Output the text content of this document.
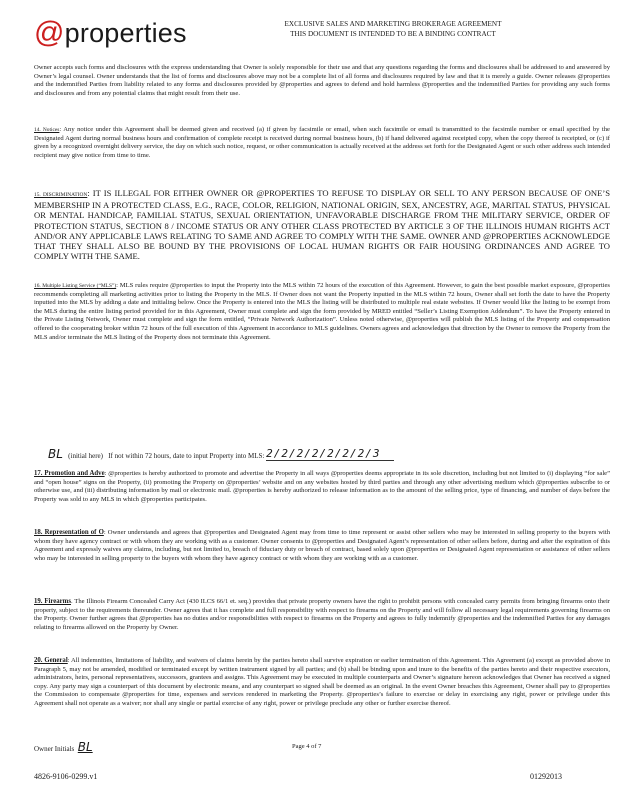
@properties	EXCLUSIVE SALES AND MARKETING BROKERAGE AGREEMENT
THIS DOCUMENT IS INTENDED TO BE A BINDING CONTRACT
Owner accepts such forms and disclosures with the express understanding that Owner is solely responsible for their use and that any questions regarding the forms and disclosures shall be addressed to and answered by Owner’s legal counsel. Owner understands that the list of forms and disclosures above may not be a complete list of all forms and disclosures required by law and that it is merely a guide. Owner releases @properties and the indemnified Parties from liability related to any forms and disclosures provided by @properties and agrees to defend and hold harmless @properties and the indemnified Parties for providing any such forms and disclosures and from any potential claims that might result from their use.
14. Notices: Any notice under this Agreement shall be deemed given and received (a) if given by facsimile or email, when such facsimile or email is transmitted to the facsimile number or email specified by the Designated Agent during normal business hours and confirmation of complete receipt is received during normal business hours, (b) if hand delivered against receipted copy, when the copy thereof is receipted, or (c) if given by a recognized overnight delivery service, the day on which such notice, request, or other communication is actually received at the address set forth for the Designated Agent or such other address such intended recipient may give notice from time to time.
15. DISCRIMINATION: IT IS ILLEGAL FOR EITHER OWNER OR @PROPERTIES TO REFUSE TO DISPLAY OR SELL TO ANY PERSON BECAUSE OF ONE’S MEMBERSHIP IN A PROTECTED CLASS, E.G., RACE, COLOR, RELIGION, NATIONAL ORIGIN, SEX, ANCESTRY, AGE, MARITAL STATUS, PHYSICAL OR MENTAL HANDICAP, FAMILIAL STATUS, SEXUAL ORIENTATION, UNFAVORABLE DISCHARGE FROM THE MILITARY SERVICE, ORDER OF PROTECTION STATUS, SECTION 8 / INCOME STATUS OR ANY OTHER CLASS PROTECTED BY ARTICLE 3 OF THE ILLINOIS HUMAN RIGHTS ACT AND/OR ANY APPLICABLE LAWS RELATING TO SAME AND AGREE TO COMPLY WITH THE SAME. OWNER AND @PROPERTIES ACKNOWLEDGE THAT THEY SHALL ALSO BE BOUND BY THE PROVISIONS OF LOCAL HUMAN RIGHTS OR FAIR HOUSING ORDINANCES AND AGREE TO COMPLY WITH THE SAME.
16. Multiple Listing Service (“MLS”): MLS rules require @properties to input the Property into the MLS within 72 hours of the execution of this Agreement. However, to gain the best possible market exposure, @properties recommends completing all marketing activities prior to listing the Property in the MLS. If Owner does not want the Property inputted in the MLS within 72 hours, Owner shall set forth the date to have the Property inputted into the MLS by adding a date and initialing below. Once the Property is entered into the MLS the listing will be distributed to multiple real estate websites. If Owner would like the listing to be exempt from the MLS during the entire listing period provided for in this Agreement, Owner must complete and sign the form provided by MRED entitled “Seller’s Listing Exemption Addendum”. To have the Property entered in the Private Listing Network, Owner must complete and sign the form entitled, “Private Network Authorization”. Unless noted otherwise, @properties will publish the MLS listing of the Property and compensation offered to the cooperating broker within 72 hours of the full execution of this Agreement in accordance to MLS guidelines. Owners agrees and acknowledges that direction by the Owner to remove the Property from the MLS and/or terminate the MLS listing of the Property does not terminate this Agreement.
BL (initial here) If not within 72 hours, date to input Property into MLS: 2/2/2/2/2/2/2/3
17. Promotion and Adve: @properties is hereby authorized to promote and advertise the Property in all ways @properties deems appropriate in its sole discretion, including but not limited to (i) displaying “for sale” and “open house” signs on the Property, (ii) promoting the Property on @properties’ website and on any websites hosted by third parties and through any other advertising medium which @properties subscribe to or otherwise use, and (iii) distributing information by mail or electronic mail. @properties is hereby authorized to release information as to the amount of the selling price, type of financing, and number of days before the Property was sold to any MLS in which @properties participates.
18. Representation of O: Owner understands and agrees that @properties and Designated Agent may from time to time represent or assist other sellers who may be interested in selling property to the buyers with whom they have agency contract or with whom they are working with as a customer. Owner consents to @properties and Designated Agent’s representation of other sellers before, during and after the expiration of this Agreement and expressly waives any claims, including, but not limited to, breach of fiduciary duty or breach of contract, based solely upon @properties or Designated Agent representation or assistance of other sellers who may be interested in selling property to the buyers with whom they have agency contract or with whom they are working with as a customer.
19. Firearms. The Illinois Firearm Concealed Carry Act (430 ILCS 66/1 et. seq.) provides that private property owners have the right to prohibit persons with concealed carry permits from bringing firearms onto their property, subject to the requirements thereunder. Owner agrees that it has complete and full responsibility with respect to firearms on the Property and will follow all necessary legal requirements governing firearms on the Property. Owner further agrees that @properties has no duties and/or responsibilities with respect to firearms on the Property and agrees to fully indemnify @properties and the indemnified Parties for any damages relating to firearms allowed on the Property by Owner.
20. General: All indemnities, limitations of liability, and waivers of claims herein by the parties hereto shall survive expiration or earlier termination of this Agreement. This Agreement (a) except as provided above in Paragraph 5, may not be amended, modified or terminated except by written instrument signed by all parties; and (b) shall be binding upon and inure to the benefits of the parties hereto and their respective executors, administrators, heirs, personal representatives, successors, grantees and assigns. This Agreement may be executed in multiple counterparts and Owner’s signature hereon acknowledges that Owner has received a signed copy. Any party may sign a counterpart of this document by electronic means, and any counterpart so signed shall be deemed as an original. In the event Owner breaches this Agreement, Owner shall pay to @properties the Commission to compensate @properties for time, expenses and services rendered in marketing the Property. @properties’s failure to exercise or delay in exercising any right, power or privilege under this Agreement shall not operate as a waiver; nor shall any single or partial exercise of any right, power or privilege preclude any other or further exercise thereof.
Owner Initials BL	Page 4 of 7
4826-9106-0299.v1	01292013
